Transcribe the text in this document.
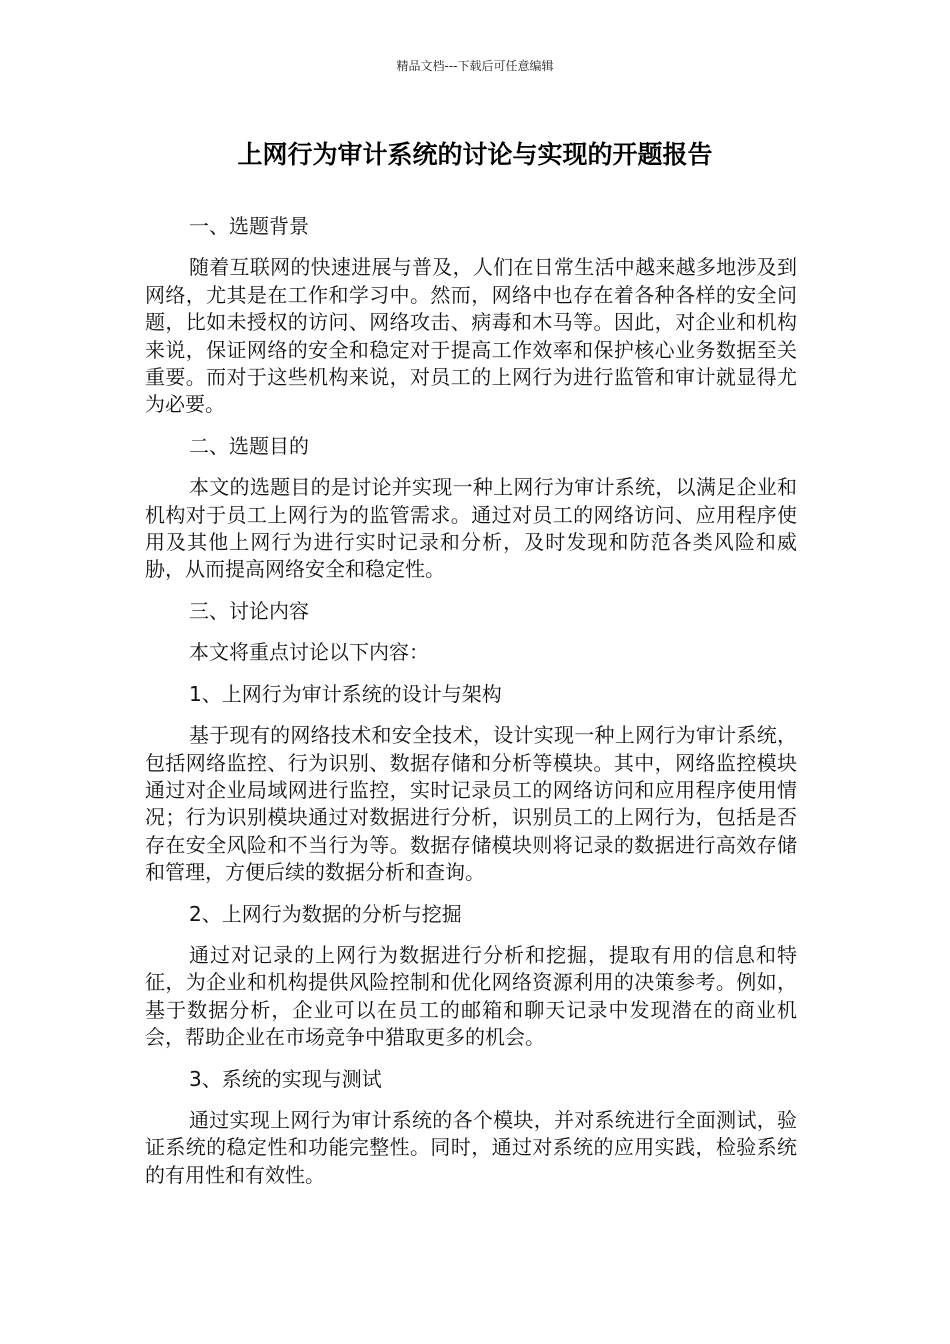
精品文档---下载后可任意编辑
上网行为审计系统的讨论与实现的开题报告

一、选题背景

随着互联网的快速进展与普及，人们在日常生活中越来越多地涉及到网络，尤其是在工作和学习中。然而，网络中也存在着各种各样的安全问题，比如未授权的访问、网络攻击、病毒和木马等。因此，对企业和机构来说，保证网络的安全和稳定对于提高工作效率和保护核心业务数据至关重要。而对于这些机构来说，对员工的上网行为进行监管和审计就显得尤为必要。

二、选题目的

本文的选题目的是讨论并实现一种上网行为审计系统，以满足企业和机构对于员工上网行为的监管需求。通过对员工的网络访问、应用程序使用及其他上网行为进行实时记录和分析，及时发现和防范各类风险和威胁，从而提高网络安全和稳定性。

三、讨论内容

本文将重点讨论以下内容：

1、上网行为审计系统的设计与架构

基于现有的网络技术和安全技术，设计实现一种上网行为审计系统，包括网络监控、行为识别、数据存储和分析等模块。其中，网络监控模块通过对企业局域网进行监控，实时记录员工的网络访问和应用程序使用情况；行为识别模块通过对数据进行分析，识别员工的上网行为，包括是否存在安全风险和不当行为等。数据存储模块则将记录的数据进行高效存储和管理，方便后续的数据分析和查询。

2、上网行为数据的分析与挖掘

通过对记录的上网行为数据进行分析和挖掘，提取有用的信息和特征，为企业和机构提供风险控制和优化网络资源利用的决策参考。例如，基于数据分析，企业可以在员工的邮箱和聊天记录中发现潜在的商业机会，帮助企业在市场竞争中猎取更多的机会。

3、系统的实现与测试

通过实现上网行为审计系统的各个模块，并对系统进行全面测试，验证系统的稳定性和功能完整性。同时，通过对系统的应用实践，检验系统的有用性和有效性。
